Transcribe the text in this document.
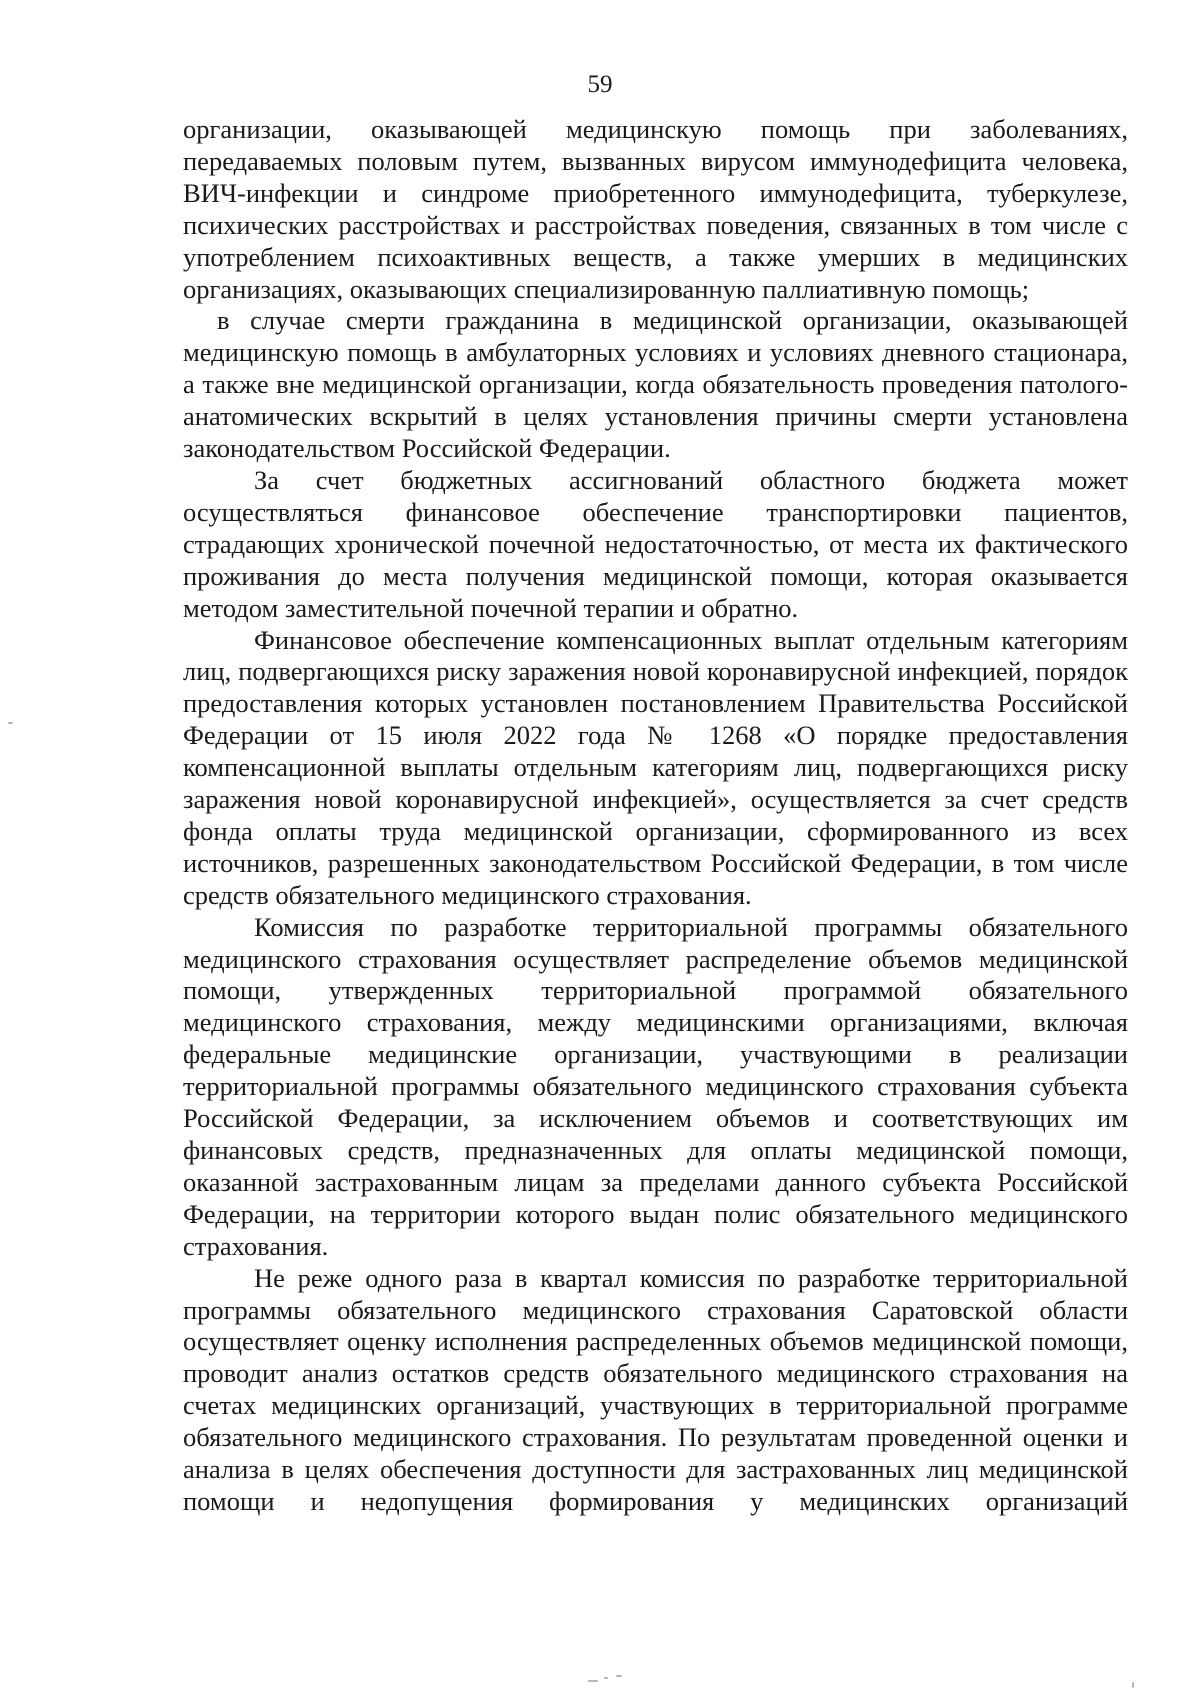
59

организации, оказывающей медицинскую помощь при заболеваниях, передаваемых половым путем, вызванных вирусом иммунодефицита человека, ВИЧ-инфекции и синдроме приобретенного иммунодефицита, туберкулезе, психических расстройствах и расстройствах поведения, связанных в том числе с употреблением психоактивных веществ, а также умерших в медицинских организациях, оказывающих специализированную паллиативную помощь;

в случае смерти гражданина в медицинской организации, оказывающей медицинскую помощь в амбулаторных условиях и условиях дневного стационара, а также вне медицинской организации, когда обязательность проведения патолого-анатомических вскрытий в целях установления причины смерти установлена законодательством Российской Федерации.

За счет бюджетных ассигнований областного бюджета может осуществляться финансовое обеспечение транспортировки пациентов, страдающих хронической почечной недостаточностью, от места их фактического проживания до места получения медицинской помощи, которая оказывается методом заместительной почечной терапии и обратно.

Финансовое обеспечение компенсационных выплат отдельным категориям лиц, подвергающихся риску заражения новой коронавирусной инфекцией, порядок предоставления которых установлен постановлением Правительства Российской Федерации от 15 июля 2022 года № 1268 «О порядке предоставления компенсационной выплаты отдельным категориям лиц, подвергающихся риску заражения новой коронавирусной инфекцией», осуществляется за счет средств фонда оплаты труда медицинской организации, сформированного из всех источников, разрешенных законодательством Российской Федерации, в том числе средств обязательного медицинского страхования.

Комиссия по разработке территориальной программы обязательного медицинского страхования осуществляет распределение объемов медицинской помощи, утвержденных территориальной программой обязательного медицинского страхования, между медицинскими организациями, включая федеральные медицинские организации, участвующими в реализации территориальной программы обязательного медицинского страхования субъекта Российской Федерации, за исключением объемов и соответствующих им финансовых средств, предназначенных для оплаты медицинской помощи, оказанной застрахованным лицам за пределами данного субъекта Российской Федерации, на территории которого выдан полис обязательного медицинского страхования.

Не реже одного раза в квартал комиссия по разработке территориальной программы обязательного медицинского страхования Саратовской области осуществляет оценку исполнения распределенных объемов медицинской помощи, проводит анализ остатков средств обязательного медицинского страхования на счетах медицинских организаций, участвующих в территориальной программе обязательного медицинского страхования. По результатам проведенной оценки и анализа в целях обеспечения доступности для застрахованных лиц медицинской помощи и недопущения формирования у медицинских организаций
